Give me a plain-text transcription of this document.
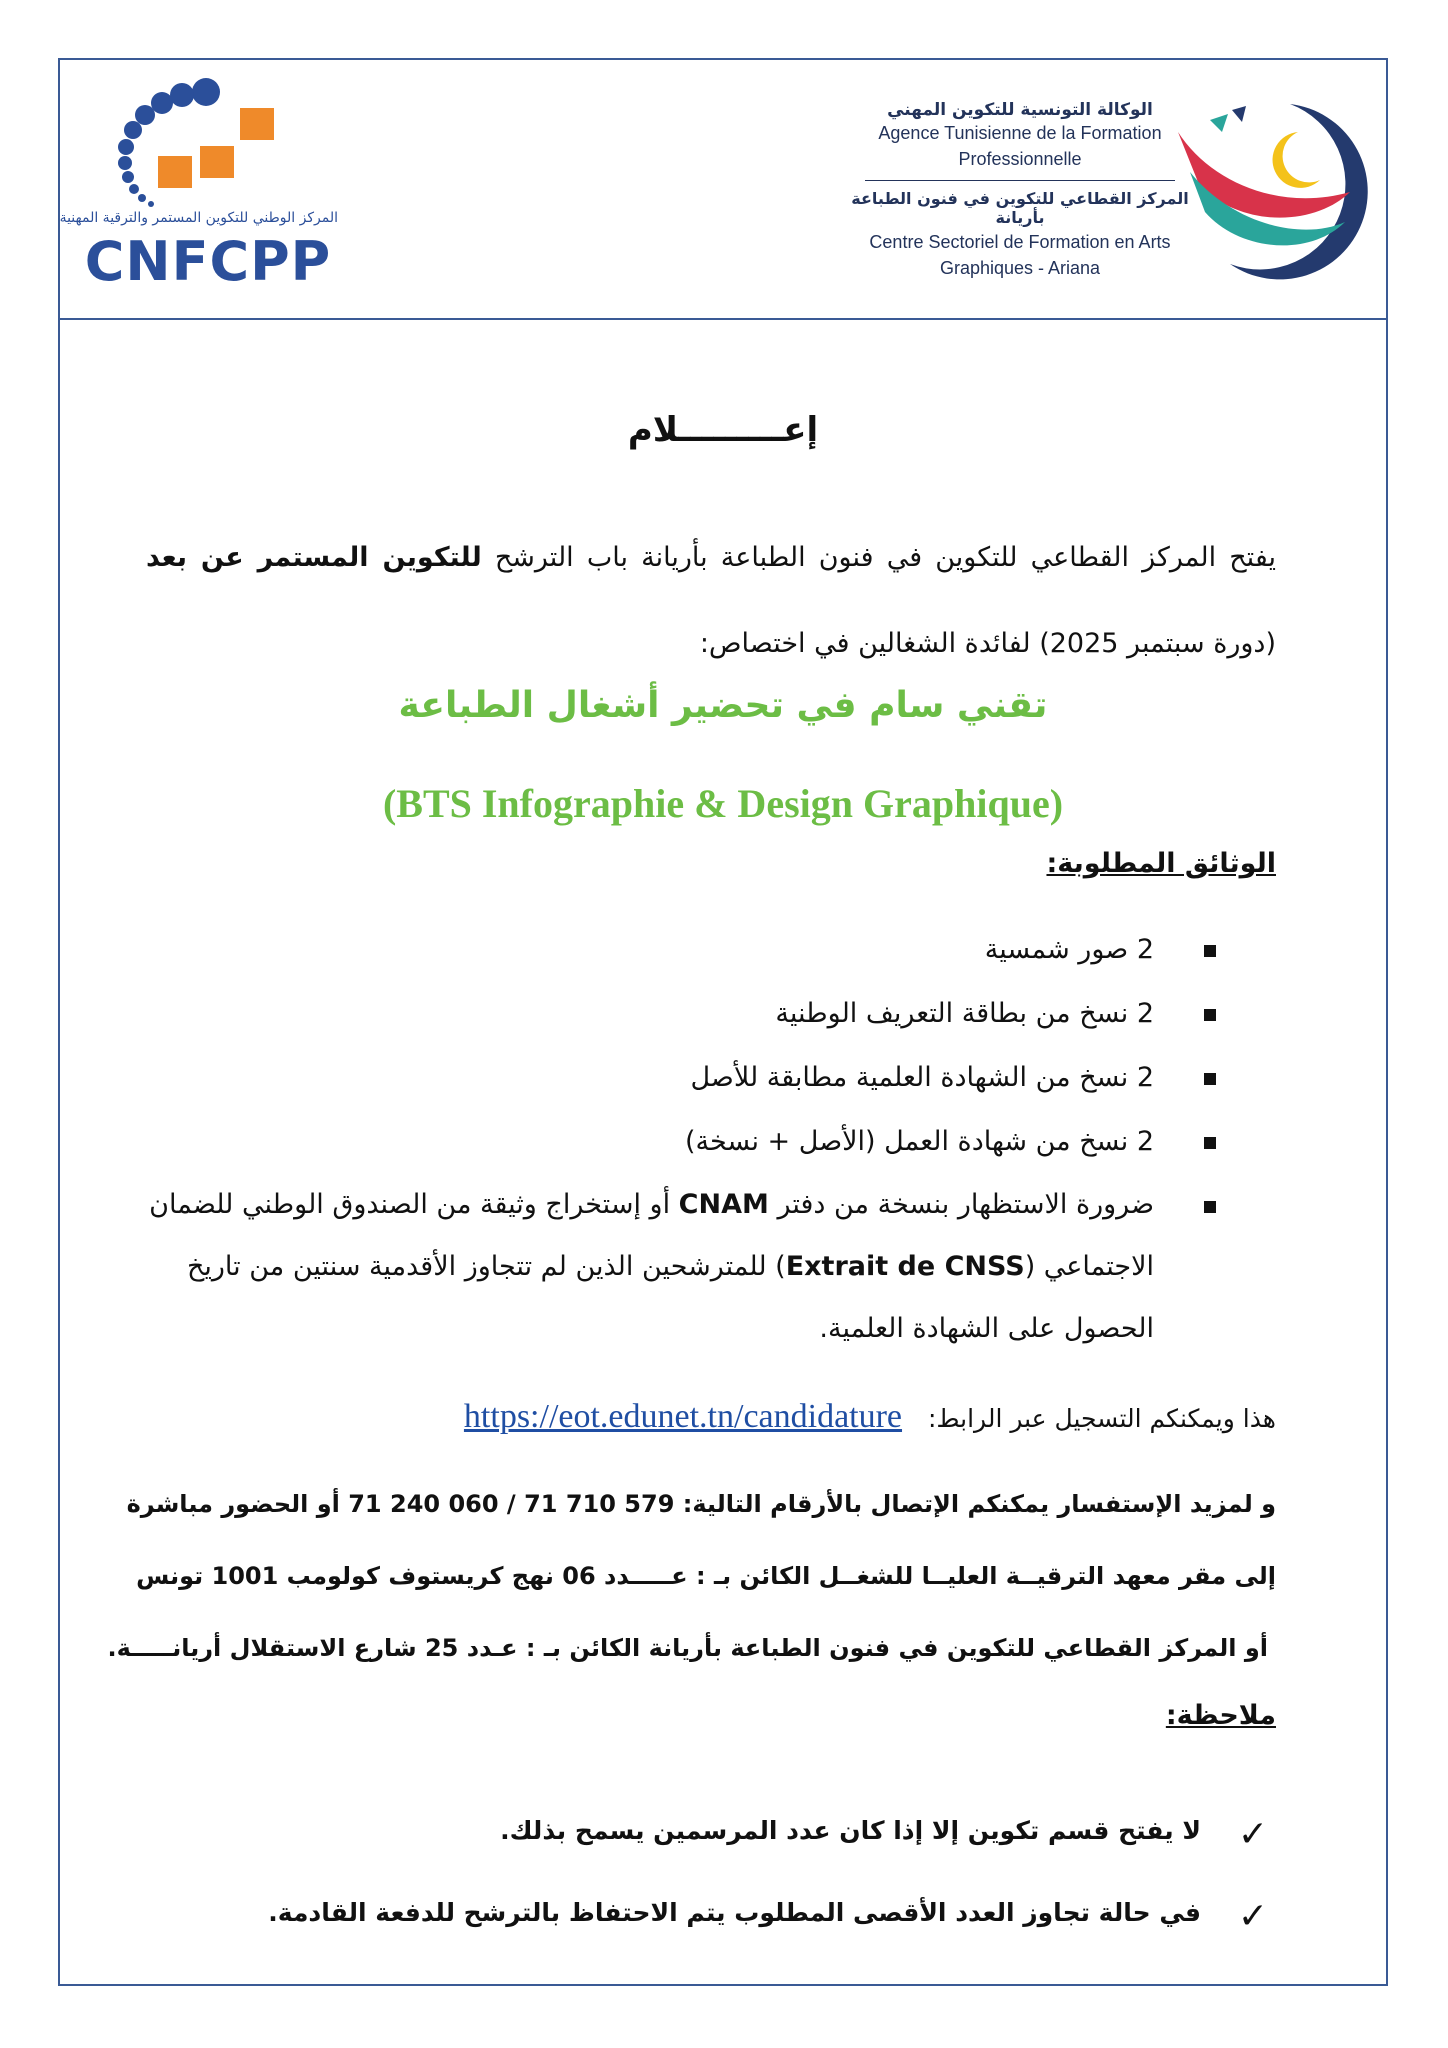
المركز الوطني للتكوين المستمر والترقية المهنية
CNFCPP
الوكالة التونسية للتكوين المهني
Agence Tunisienne de la Formation
Professionnelle
المركز القطاعي للتكوين في فنون الطباعة بأريانة
Centre Sectoriel de Formation en Arts
Graphiques - Ariana
إعـــــــــلام
يفتح المركز القطاعي للتكوين في فنون الطباعة بأريانة باب الترشح للتكوين المستمر عن بعد (دورة سبتمبر 2025) لفائدة الشغالين في اختصاص:
تقني سام في تحضير أشغال الطباعة
(BTS Infographie & Design Graphique)
الوثائق المطلوبة:
2 صور شمسية
2 نسخ من بطاقة التعريف الوطنية
2 نسخ من الشهادة العلمية مطابقة للأصل
2 نسخ من شهادة العمل (الأصل + نسخة)
ضرورة الاستظهار بنسخة من دفتر CNAM أو إستخراج وثيقة من الصندوق الوطني للضمان الاجتماعي (Extrait de CNSS) للمترشحين الذين لم تتجاوز الأقدمية سنتين من تاريخ الحصول على الشهادة العلمية.
هذا ويمكنكم التسجيل عبر الرابط: https://eot.edunet.tn/candidature
و لمزيد الإستفسار يمكنكم الإتصال بالأرقام التالية: 579 710 71 / 060 240 71 أو الحضور مباشرة
إلى مقر معهد الترقيــة العليــا للشغــل الكائن بـ : عـــــدد 06 نهج كريستوف كولومب 1001 تونس
أو المركز القطاعي للتكوين في فنون الطباعة بأريانة الكائن بـ : عـدد 25 شارع الاستقلال أريانـــــة.
ملاحظة:
✓
لا يفتح قسم تكوين إلا إذا كان عدد المرسمين يسمح بذلك.
✓
في حالة تجاوز العدد الأقصى المطلوب يتم الاحتفاظ بالترشح للدفعة القادمة.
